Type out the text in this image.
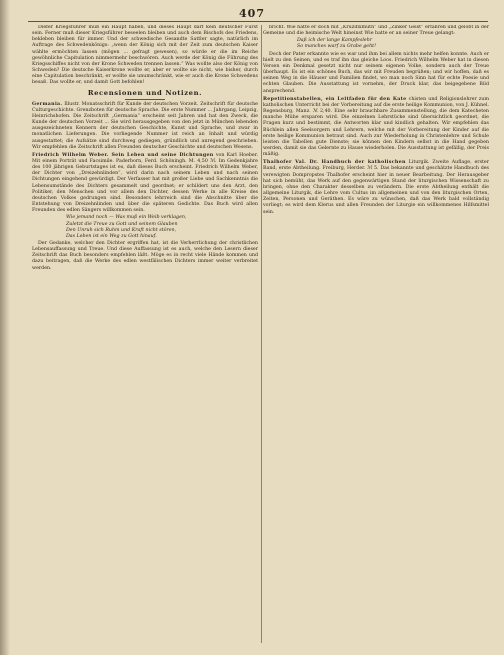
407

Diefer Kriegsführer muß ein Haupt haben, und dieses Haupt darf kein deutscher Fürst sein. Ferner muß dieser Kriegsführer beseelen bleiben und auch dem Bischofs des Friedens, bekleben bleiben für immer. Und der schwedische Gesandte Sattler sagte, natürlich im Auftrage des Schwedenkönigs: „wenn der König sich mit der Zeit zum deutschen Kaiser wählte ermöchten lassen (mögen ... gefragt gewesen), so würde er die im Reiche gewöhnliche Capitulation nimmermehr beschwören. Auch werde der König die Führung des Kriegsschiffes nicht von der Krone Schweden trennen lassen.“ Was wollte also der König von Schweden? Die deutsche Kaiserkrone wollte er, aber er wollte sie nicht, wie bisher, durch eine Capitulation beschränkt, er wollte sie unumschränkt, wie er auch die Krone Schwedens besaß. Das wollte er, und damit Gott befohlen!

Recensionen und Notizen.

Germania. Illustr. Monatsschrift für Kunde der deutschen Vorzeit. Zeitschrift für deutsche Culturgeschichte. Grenzboten für deutsche Sprache. Die erste Nummer ... Jahrgang, Leipzig, Heinrichshofen. Die Zeitschrift „Germania“ erscheint seit Jahren und hat den Zweck, die Kunde der deutschen Vorzeit ... Sie wird herausgegeben von den jetzt in München lebenden ausgezeichneten Kennern der deutschen Geschichte, Kunst und Sprache, und zwar in monatlichen Lieferungen. Die vorliegende Nummer ist reich an Inhalt und würdig ausgestattet; die Aufsätze sind durchweg gediegen, gründlich und anregend geschrieben. Wir empfehlen die Zeitschrift allen Freunden deutscher Geschichte und deutschen Wesens.

Friedrich Wilhelm Weber. Sein Leben und seine Dichtungen von Karl Hoeber. Mit einem Porträt und Facsimile. Paderborn, Ferd. Schöningh. M. 4,50 ℳ. Im Gedenkjahre des 100 jährigen Geburtstages ist es, daß dieses Buch erscheint. Friedrich Wilhelm Weber, der Dichter von „Dreizehnlinden“, wird darin nach seinem Leben und nach seinen Dichtungen eingehend gewürdigt. Der Verfasser hat mit großer Liebe und Sachkenntnis die Lebensumstände des Dichters gesammelt und geordnet; er schildert uns den Arzt, den Politiker, den Menschen und vor allem den Dichter, dessen Werke in alle Kreise des deutschen Volkes gedrungen sind. Besonders lehrreich sind die Abschnitte über die Entstehung von Dreizehnlinden und über die späteren Gedichte. Das Buch wird allen Freunden des edlen Sängers willkommen sein.

Wie jemand noch — Was muß ein Weib verklagen,
Zuletzt die Treue zu Gott und seinem Glauben
Den Unruh sich Ruhm und Kraft nicht stören,
Das Leben ist ein Weg zu Gott hinauf.

Der Gedanke, welcher den Dichter ergriffen hat, ist die Verherrlichung der christlichen Lebensauffassung und Treue. Und diese Auffassung ist es auch, welche den Lesern dieser Zeitschrift das Buch besonders empfehlen läßt. Möge es in recht viele Hände kommen und dazu beitragen, daß die Werke des edlen westfälischen Dichters immer weiter verbreitet werden.

bricht. Wie hatte er doch mit „Kruzifixmuth“ und „Zinker Geist“ erfahren und gelobt in der Gemeine und die heimische Welt hineinst Wie hatte er an seiner Treue gelangt:

Daß ich der lange Kampfeslehr
So manches warf zu Grabe geht!

Doch der Pater erkannte wie es war und ihm bei allem nichts mehr helfen konnte. Auch er hielt zu den Seinen, und es traf ihn das gleiche Loos. Friedrich Wilhelm Weber hat in diesen Versen ein Denkmal gesetzt nicht nur seinem eigenen Volke, sondern auch der Treue überhaupt. Es ist ein schönes Buch, das wir mit Freuden begrüßen; und wir hoffen, daß es seinen Weg in die Häuser und Familien findet, wo man noch Sinn hat für echte Poesie und echten Glauben. Die Ausstattung ist vornehm, der Druck klar, das beigegebene Bild ansprechend.

Repetitionstabellen, ein Leitfaden für den Kate chisten und Religionslehrer zum katholischen Unterricht bei der Vorbereitung auf die erste heilige Kommunion, von J. Kühnel. Regensburg, Manz. ℳ 2,40. Eine sehr brauchbare Zusammenstellung, die dem Katecheten manche Mühe ersparen wird. Die einzelnen Lehrstücke sind übersichtlich geordnet, die Fragen kurz und bestimmt, die Antworten klar und kindlich gehalten. Wir empfehlen das Büchlein allen Seelsorgern und Lehrern, welche mit der Vorbereitung der Kinder auf die erste heilige Kommunion betraut sind. Auch zur Wiederholung in Christenlehre und Schule leisten die Tabellen gute Dienste; sie können den Kindern selbst in die Hand gegeben werden, damit sie das Gelernte zu Hause wiederholen. Die Ausstattung ist gefällig, der Preis mäßig.

Thalhofer Val. Dr. Handbuch der katholischen Liturgik. Zweite Auflage, erster Band, erste Abtheilung. Freiburg, Herder. ℳ 5. Das bekannte und geschätzte Handbuch des verewigten Dompropstes Thalhofer erscheint hier in neuer Bearbeitung. Der Herausgeber hat sich bemüht, das Werk auf den gegenwärtigen Stand der liturgischen Wissenschaft zu bringen, ohne den Charakter desselben zu verändern. Die erste Abtheilung enthält die allgemeine Liturgik, die Lehre vom Cultus im allgemeinen und von den liturgischen Orten, Zeiten, Personen und Geräthen. Es wäre zu wünschen, daß das Werk bald vollständig vorliegt; es wird dem Klerus und allen Freunden der Liturgie ein willkommenes Hilfsmittel sein.
